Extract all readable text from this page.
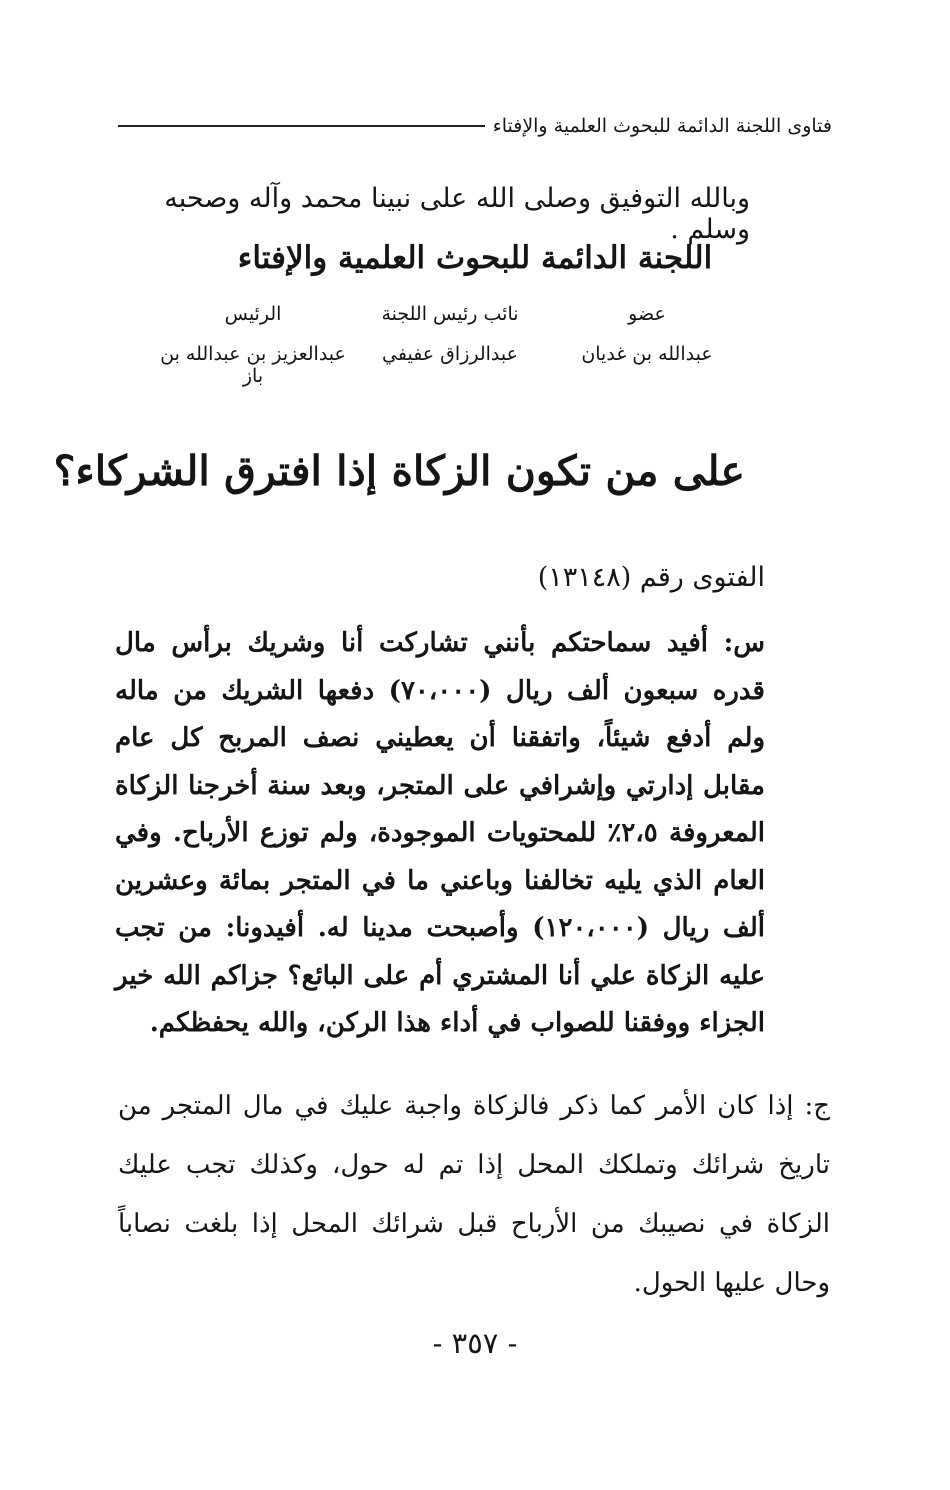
فتاوى اللجنة الدائمة للبحوث العلمية والإفتاء
وبالله التوفيق وصلى الله على نبينا محمد وآله وصحبه وسلم .
اللجنة الدائمة للبحوث العلمية والإفتاء
عضو
نائب رئيس اللجنة
الرئيس
عبدالله بن غديان
عبدالرزاق عفيفي
عبدالعزيز بن عبدالله بن باز
على من تكون الزكاة إذا افترق الشركاء؟
الفتوى رقم (١٣١٤٨)

س: أفيد سماحتكم بأنني تشاركت أنا وشريك برأس مال قدره سبعون ألف ريال (٧٠،٠٠٠) دفعها الشريك من ماله ولم أدفع شيئاً، واتفقنا أن يعطيني نصف المربح كل عام مقابل إدارتي وإشرافي على المتجر، وبعد سنة أخرجنا الزكاة المعروفة ٢،٥٪ للمحتويات الموجودة، ولم توزع الأرباح. وفي العام الذي يليه تخالفنا وباعني ما في المتجر بمائة وعشرين ألف ريال (١٢٠،٠٠٠) وأصبحت مدينا له. أفيدونا: من تجب عليه الزكاة علي أنا المشتري أم على البائع؟ جزاكم الله خير الجزاء ووفقنا للصواب في أداء هذا الركن، والله يحفظكم.

ج: إذا كان الأمر كما ذكر فالزكاة واجبة عليك في مال المتجر من تاريخ شرائك وتملكك المحل إذا تم له حول، وكذلك تجب عليك الزكاة في نصيبك من الأرباح قبل شرائك المحل إذا بلغت نصاباً وحال عليها الحول.

- ٣٥٧ -
